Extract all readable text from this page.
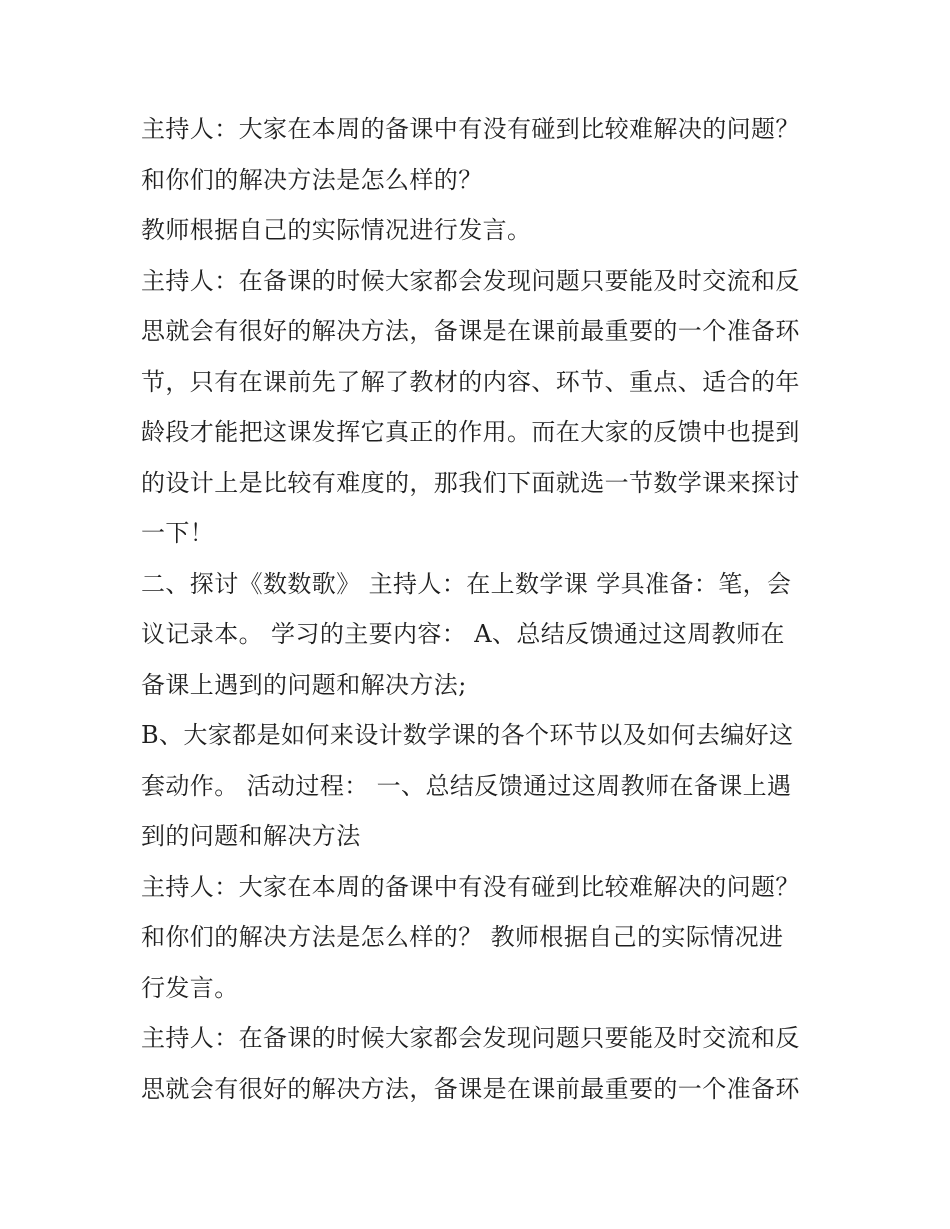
主持人：大家在本周的备课中有没有碰到比较难解决的问题？
和你们的解决方法是怎么样的？
教师根据自己的实际情况进行发言。
主持人：在备课的时候大家都会发现问题只要能及时交流和反
思就会有很好的解决方法，备课是在课前最重要的一个准备环
节，只有在课前先了解了教材的内容、环节、重点、适合的年
龄段才能把这课发挥它真正的作用。而在大家的反馈中也提到
的设计上是比较有难度的，那我们下面就选一节数学课来探讨
一下！
二、探讨《数数歌》 主持人：在上数学课 学具准备：笔，会
议记录本。 学习的主要内容： A、总结反馈通过这周教师在
备课上遇到的问题和解决方法;
B、大家都是如何来设计数学课的各个环节以及如何去编好这
套动作。 活动过程： 一、总结反馈通过这周教师在备课上遇
到的问题和解决方法
主持人：大家在本周的备课中有没有碰到比较难解决的问题？
和你们的解决方法是怎么样的？ 教师根据自己的实际情况进
行发言。
主持人：在备课的时候大家都会发现问题只要能及时交流和反
思就会有很好的解决方法，备课是在课前最重要的一个准备环
